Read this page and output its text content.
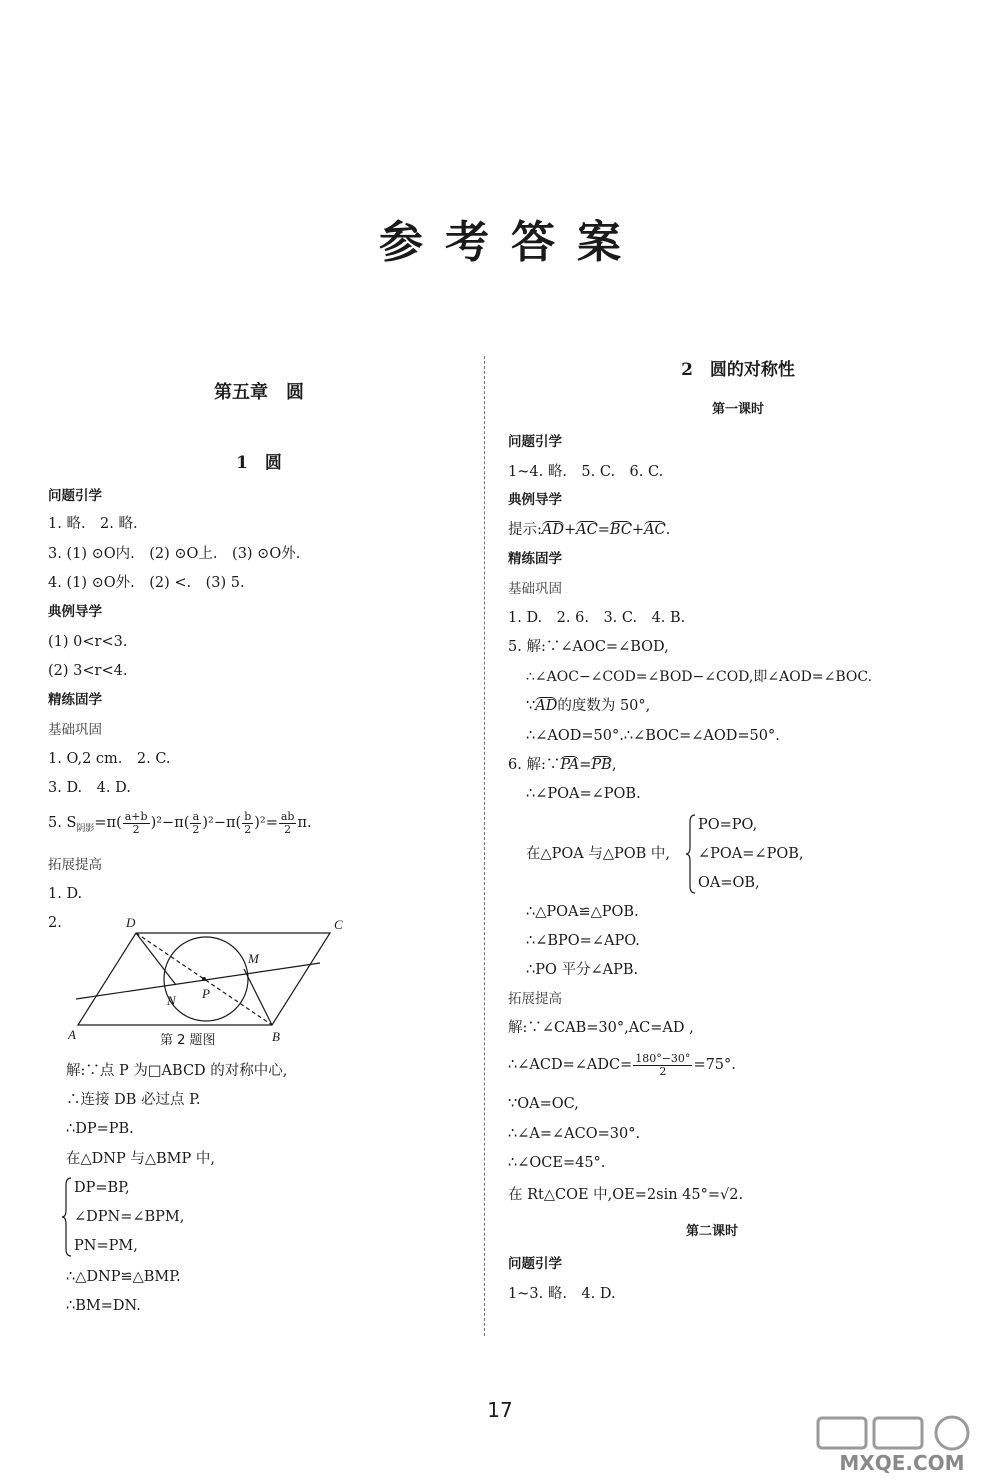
参考答案
第五章　圆
1　圆
问题引学
1. 略.　2. 略.
3. (1) ⊙O内.　(2) ⊙O上.　(3) ⊙O外.
4. (1) ⊙O外.　(2) <.　(3) 5.
典例导学
(1) 0<r<3.
(2) 3<r<4.
精练固学
基础巩固
1. O,2 cm.　2. C.
3. D.　4. D.
5. $S_{阴影}=\pi( \frac{a+b}{2} )^2-\pi( \frac{a}{2} )^2-\pi( \frac{b}{2} )^2= \frac{ab}{2} \pi$.
拓展提高
1. D.
2.	D	C
M
N P
A	B
第 2 题图
解:∵点 P 为□ABCD 的对称中心,
∴连接 DB 必过点 P.
∴DP=PB.
在△DNP 与△BMP 中,
DP=BP,
∠DPN=∠BPM,
PN=PM,
∴△DNP≌△BMP.
∴BM=DN.
2　圆的对称性
第一课时
问题引学
1~4. 略.　5. C.　6. C.
典例导学
提示:AD+AC=BC+AC.
精练固学
基础巩固
1. D.　2. 6.　3. C.　4. B.
5. 解:∵∠AOC=∠BOD,
∴∠AOC−∠COD=∠BOD−∠COD,即∠AOD=∠BOC.
∵AD的度数为 50°,
∴∠AOD=50°.∴∠BOC=∠AOD=50°.
6. 解:∵PA=PB,
∴∠POA=∠POB.
在△POA 与△POB 中,
PO=PO,
∠POA=∠POB,
OA=OB,
∴△POA≌△POB.
∴∠BPO=∠APO.
∴PO 平分∠APB.
拓展提高
解:∵∠CAB=30°,AC=AD ,
∴∠ACD=∠ADC= $\frac{180^\circ-30^\circ}{2} =75^\circ$.
∵OA=OC,
∴∠A=∠ACO=30°.
∴∠OCE=45°.
在 Rt△COE 中,OE=2sin 45°=√2.
第二课时
问题引学
1~3. 略.　4. D.
17
MXQE.COM
